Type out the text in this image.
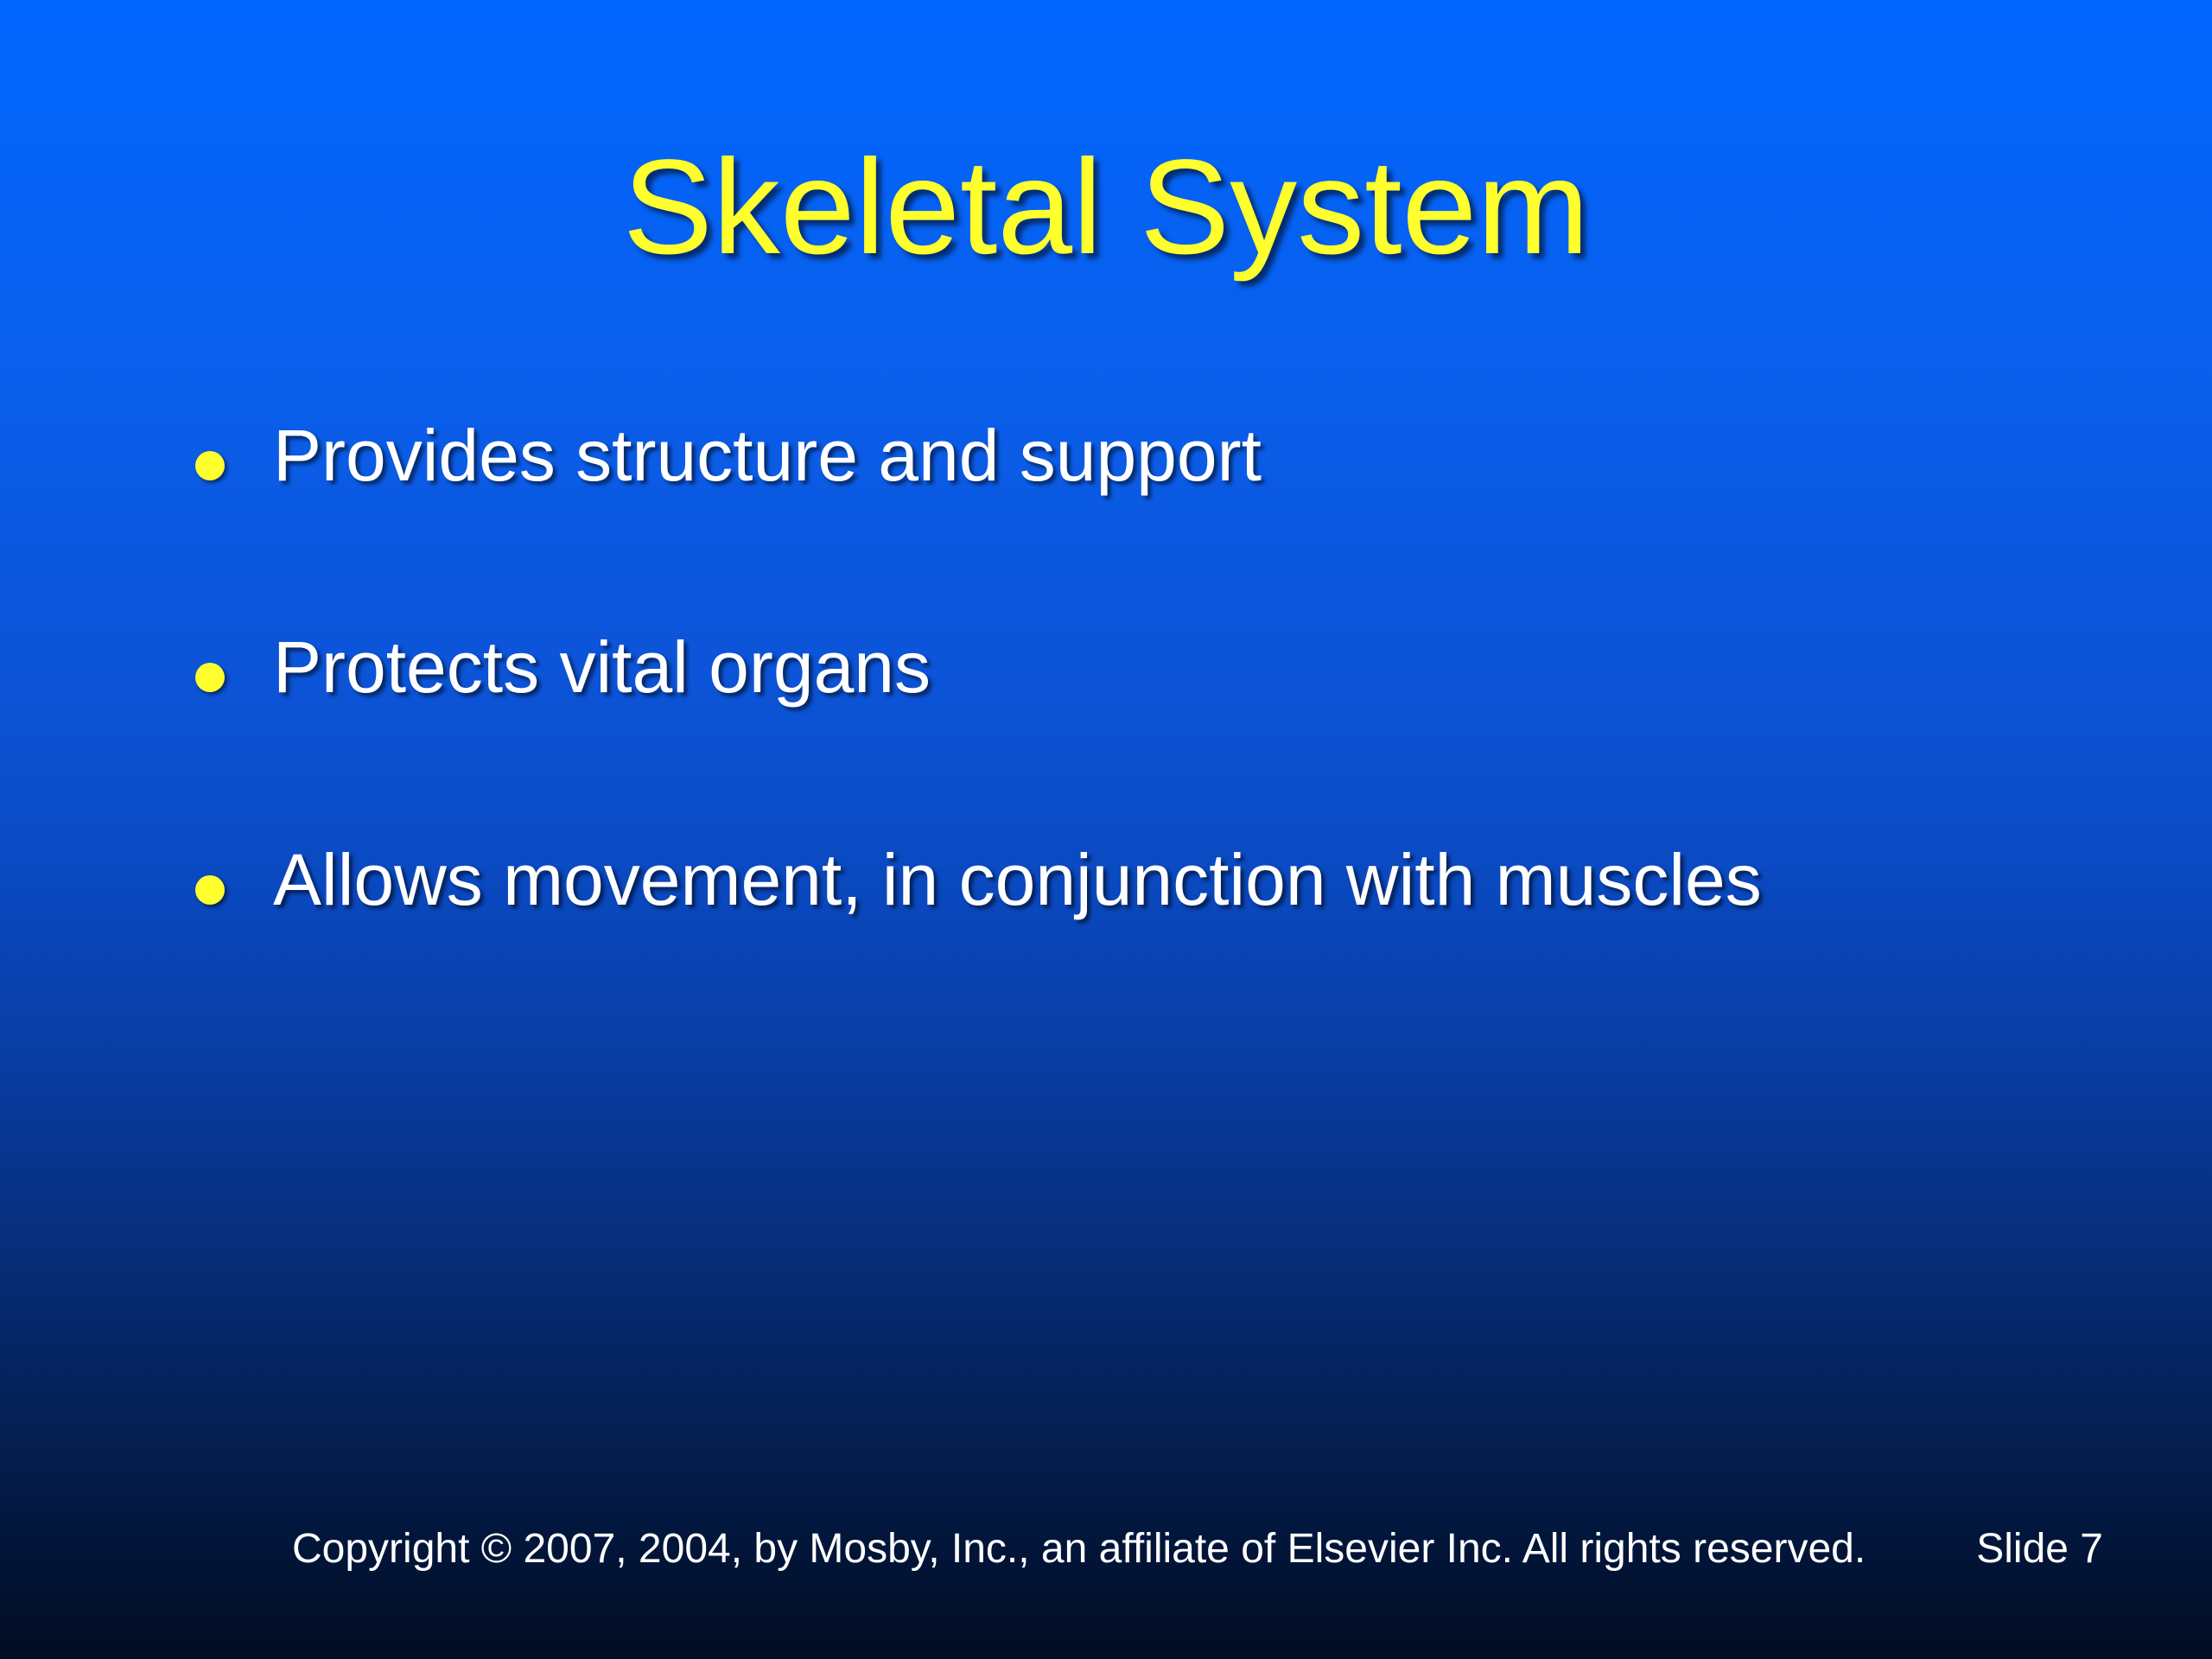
Skeletal System
Provides structure and support
Protects vital organs
Allows movement, in conjunction with muscles
Copyright © 2007, 2004, by Mosby, Inc., an affiliate of Elsevier Inc. All rights reserved.	Slide 7
